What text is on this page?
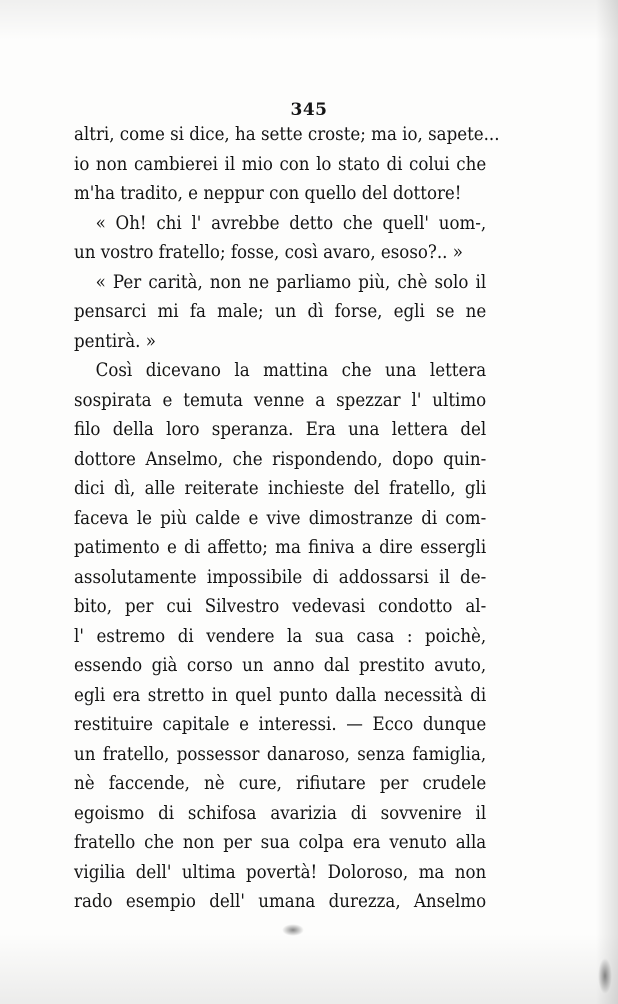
345
altri, come si dice, ha sette croste; ma io, sapete...
io non cambierei il mio con lo stato di colui che
m'ha tradito, e neppur con quello del dottore!
« Oh! chi l' avrebbe detto che quell' uom-,
un vostro fratello; fosse, così avaro, esoso?.. »
« Per carità, non ne parliamo più, chè solo il
pensarci mi fa male; un dì forse, egli se ne
pentirà. »
Così dicevano la mattina che una lettera
sospirata e temuta venne a spezzar l' ultimo
filo della loro speranza. Era una lettera del
dottore Anselmo, che rispondendo, dopo quin-
dici dì, alle reiterate inchieste del fratello, gli
faceva le più calde e vive dimostranze di com-
patimento e di affetto; ma finiva a dire essergli
assolutamente impossibile di addossarsi il de-
bito, per cui Silvestro vedevasi condotto al-
l' estremo di vendere la sua casa : poichè,
essendo già corso un anno dal prestito avuto,
egli era stretto in quel punto dalla necessità di
restituire capitale e interessi. — Ecco dunque
un fratello, possessor danaroso, senza famiglia,
nè faccende, nè cure, rifiutare per crudele
egoismo di schifosa avarizia di sovvenire il
fratello che non per sua colpa era venuto alla
vigilia dell' ultima povertà! Doloroso, ma non
rado esempio dell' umana durezza, Anselmo
